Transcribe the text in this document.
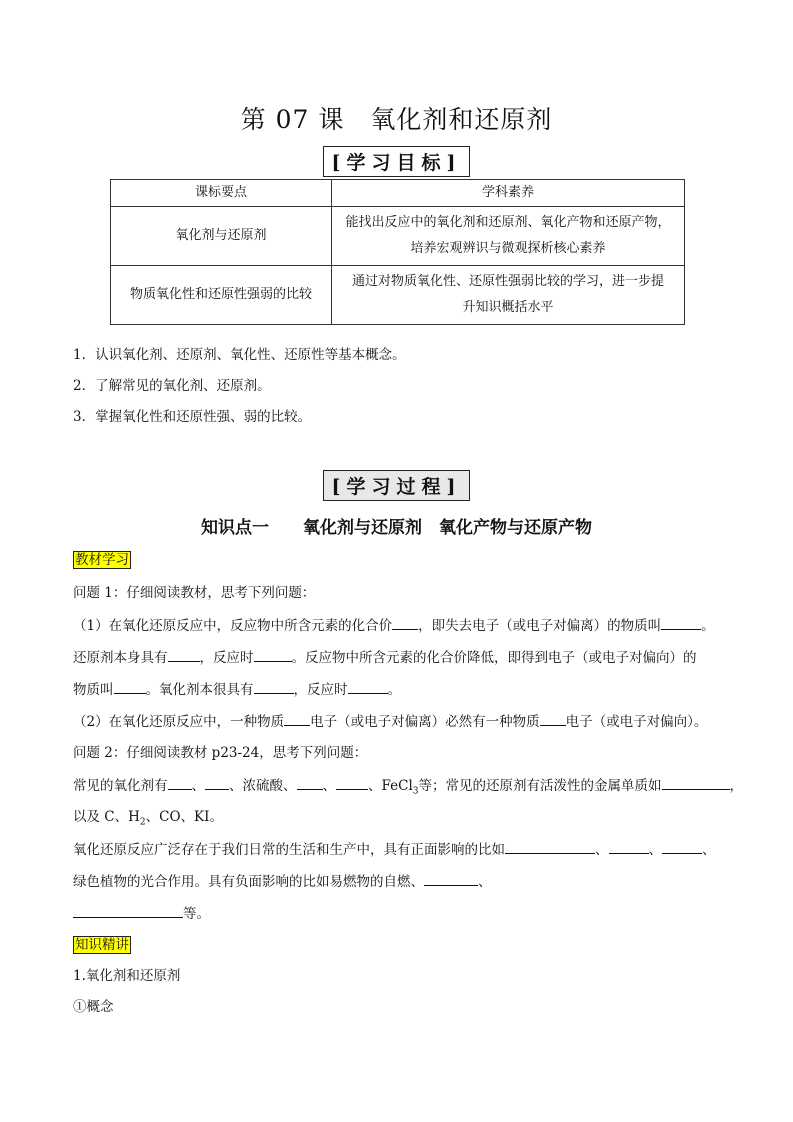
第 07 课　氧化剂和还原剂
[学习目标]
课标要点	学科素养
氧化剂与还原剂	能找出反应中的氧化剂和还原剂、氧化产物和还原产物，
培养宏观辨识与微观探析核心素养

物质氧化性和还原性强弱的比较	通过对物质氧化性、还原性强弱比较的学习，进一步提
升知识概括水平
1．认识氧化剂、还原剂、氧化性、还原性等基本概念。
2．了解常见的氧化剂、还原剂。
3．掌握氧化性和还原性强、弱的比较。
[学习过程]
知识点一　　氧化剂与还原剂　氧化产物与还原产物
教材学习
问题 1：仔细阅读教材，思考下列问题：
（1）在氧化还原反应中，反应物中所含元素的化合价 ，即失去电子（或电子对偏离）的物质叫	。
还原剂本身具有 ，反应时	。反应物中所含元素的化合价降低，即得到电子（或电子对偏向）的
物质叫 。氧化剂本很具有	，反应时	。
（2）在氧化还原反应中，一种物质 电子（或电子对偏离）必然有一种物质 电子（或电子对偏向）。
问题 2：仔细阅读教材 p23-24，思考下列问题：
常见的氧化剂有 、 、浓硫酸、 、 、FeCl$_3$等；常见的还原剂有活泼性的金属单质如	，
以及 C、$H_2$、CO、KI。
氧化还原反应广泛存在于我们日常的生活和生产中，具有正面影响的比如	、	、	、
绿色植物的光合作用。具有负面影响的比如易燃物的自燃、	、
等。
知识精讲
1.氧化剂和还原剂
①概念
